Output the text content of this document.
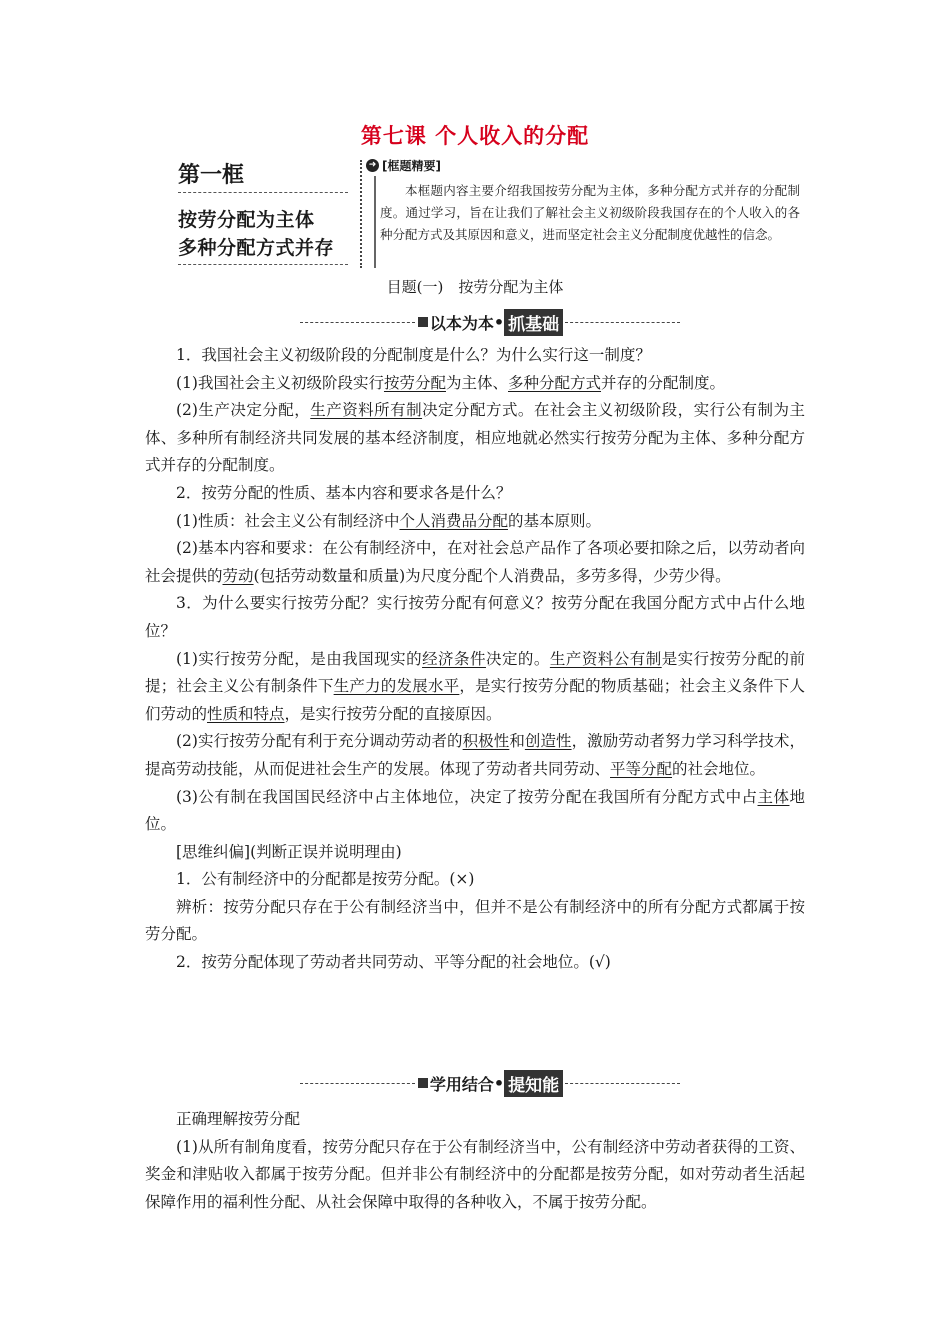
第七课 个人收入的分配
第一框
按劳分配为主体
多种分配方式并存
➜ [框题精要]
本框题内容主要介绍我国按劳分配为主体，多种分配方式并存的分配制度。通过学习，旨在让我们了解社会主义初级阶段我国存在的个人收入的各种分配方式及其原因和意义，进而坚定社会主义分配制度优越性的信念。
目题(一)　按劳分配为主体
以本为本 • 抓基础

1．我国社会主义初级阶段的分配制度是什么？为什么实行这一制度？

(1)我国社会主义初级阶段实行按劳分配为主体、多种分配方式并存的分配制度。

(2)生产决定分配，生产资料所有制决定分配方式。在社会主义初级阶段，实行公有制为主体、多种所有制经济共同发展的基本经济制度，相应地就必然实行按劳分配为主体、多种分配方式并存的分配制度。

2．按劳分配的性质、基本内容和要求各是什么？

(1)性质：社会主义公有制经济中个人消费品分配的基本原则。

(2)基本内容和要求：在公有制经济中，在对社会总产品作了各项必要扣除之后，以劳动者向社会提供的劳动(包括劳动数量和质量)为尺度分配个人消费品，多劳多得，少劳少得。

3．为什么要实行按劳分配？实行按劳分配有何意义？按劳分配在我国分配方式中占什么地位？

(1)实行按劳分配，是由我国现实的经济条件决定的。生产资料公有制是实行按劳分配的前提；社会主义公有制条件下生产力的发展水平，是实行按劳分配的物质基础；社会主义条件下人们劳动的性质和特点，是实行按劳分配的直接原因。

(2)实行按劳分配有利于充分调动劳动者的积极性和创造性，激励劳动者努力学习科学技术，提高劳动技能，从而促进社会生产的发展。体现了劳动者共同劳动、平等分配的社会地位。

(3)公有制在我国国民经济中占主体地位，决定了按劳分配在我国所有分配方式中占主体地位。

[思维纠偏](判断正误并说明理由)

1．公有制经济中的分配都是按劳分配。(×)

辨析：按劳分配只存在于公有制经济当中，但并不是公有制经济中的所有分配方式都属于按劳分配。

2．按劳分配体现了劳动者共同劳动、平等分配的社会地位。(√)

学用结合 • 提知能

正确理解按劳分配

(1)从所有制角度看，按劳分配只存在于公有制经济当中，公有制经济中劳动者获得的工资、奖金和津贴收入都属于按劳分配。但并非公有制经济中的分配都是按劳分配，如对劳动者生活起保障作用的福利性分配、从社会保障中取得的各种收入，不属于按劳分配。
